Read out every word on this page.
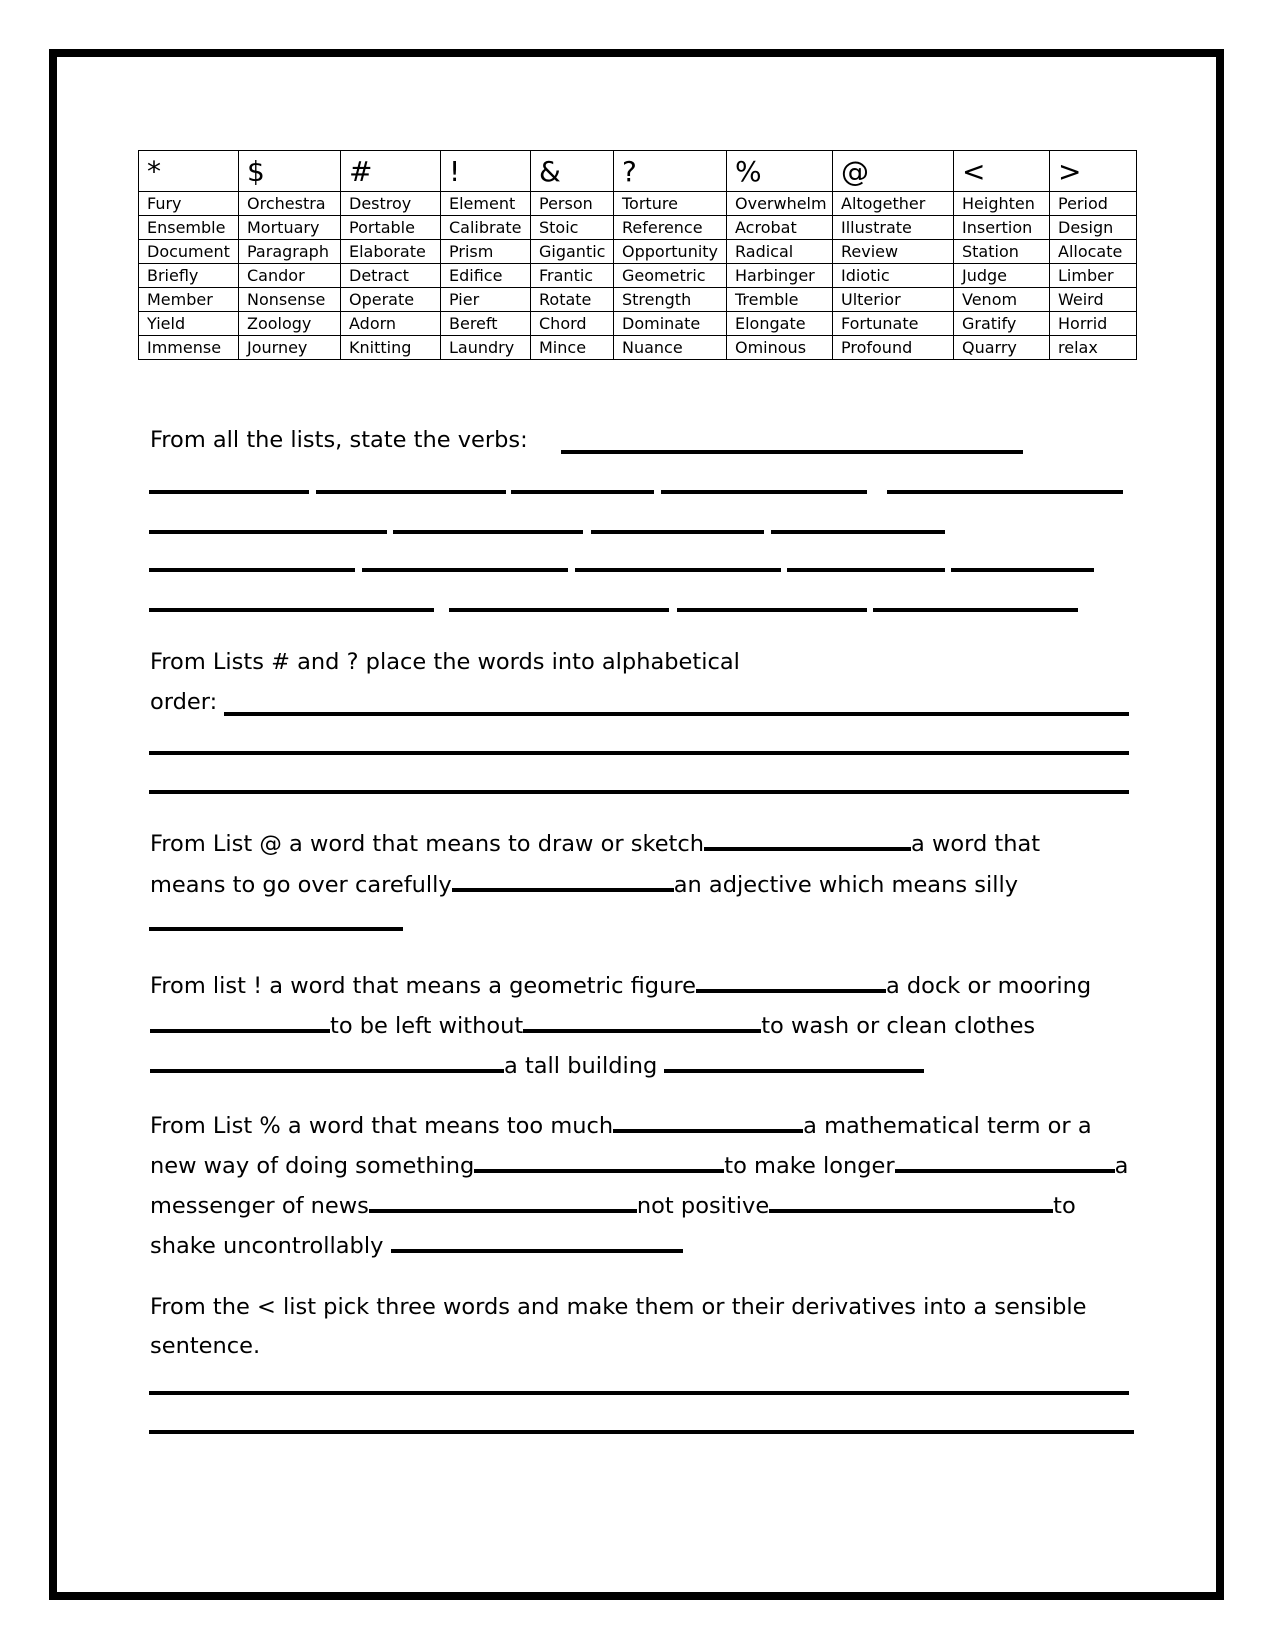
*	$	#	!	&	?	%	@	<	>
Fury	Orchestra	Destroy	Element	Person	Torture	Overwhelm	Altogether	Heighten	Period
Ensemble	Mortuary	Portable	Calibrate	Stoic	Reference	Acrobat	Illustrate	Insertion	Design
Document	Paragraph	Elaborate	Prism	Gigantic	Opportunity	Radical	Review	Station	Allocate
Briefly	Candor	Detract	Edifice	Frantic	Geometric	Harbinger	Idiotic	Judge	Limber
Member	Nonsense	Operate	Pier	Rotate	Strength	Tremble	Ulterior	Venom	Weird
Yield	Zoology	Adorn	Bereft	Chord	Dominate	Elongate	Fortunate	Gratify	Horrid
Immense	Journey	Knitting	Laundry	Mince	Nuance	Ominous	Profound	Quarry	relax
From all the lists, state the verbs:
From Lists # and ? place the words into alphabetical
order:
From List @ a word that means to draw or sketch	a word that
means to go over carefully	an adjective which means silly
From list ! a word that means a geometric figure	a dock or mooring
to be left without	to wash or clean clothes
a tall building
From List % a word that means too much	a mathematical term or a
new way of doing something	to make longer	a
messenger of news	not positive	to
shake uncontrollably
From the < list pick three words and make them or their derivatives into a sensible
sentence.
